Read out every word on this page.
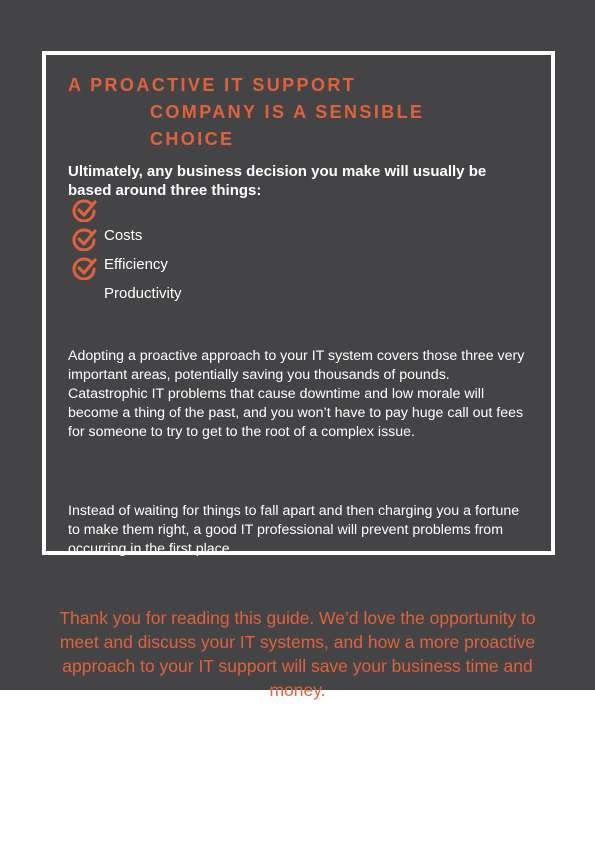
A PROACTIVE IT SUPPORT
COMPANY IS A SENSIBLE
CHOICE
Ultimately, any business decision you make will usually be based around three things:
Costs
Efficiency
Productivity

Adopting a proactive approach to your IT system covers those three very important areas, potentially saving you thousands of pounds. Catastrophic IT problems that cause downtime and low morale will become a thing of the past, and you won’t have to pay huge call out fees for someone to try to get to the root of a complex issue.

Instead of waiting for things to fall apart and then charging you a fortune to make them right, a good IT professional will prevent problems from occurring in the first place.

Thank you for reading this guide. We’d love the opportunity to meet and discuss your IT systems, and how a more proactive approach to your IT support will save your business time and money.
